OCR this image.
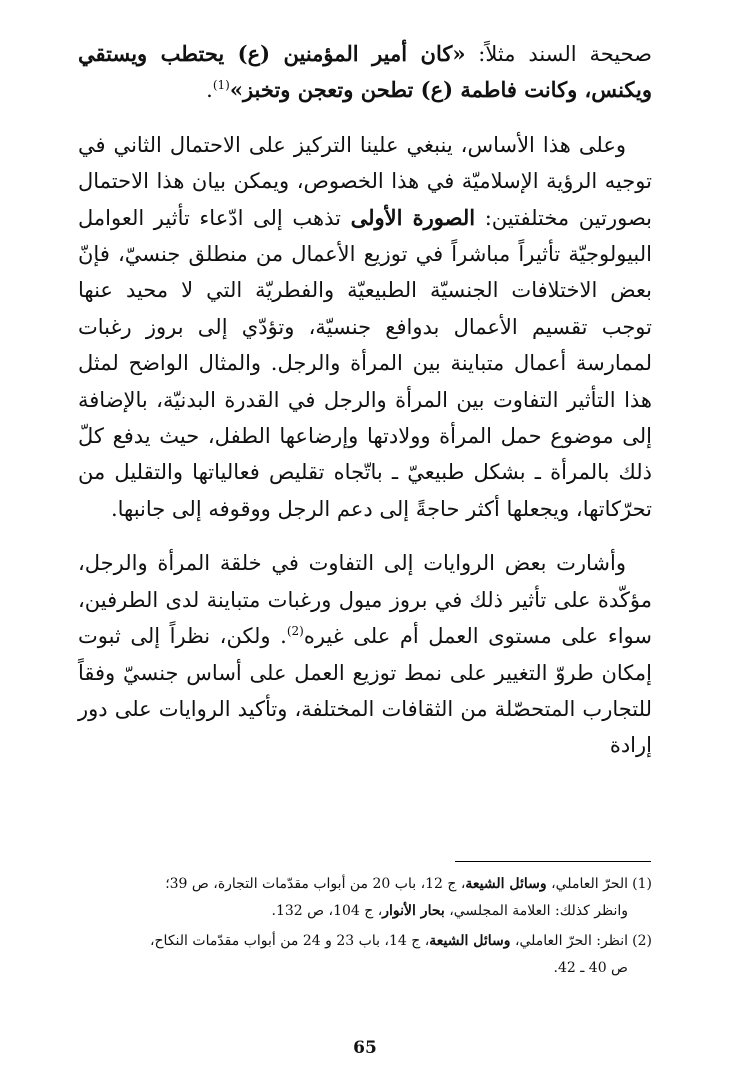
صحيحة السند مثلاً: «كان أمير المؤمنين (ع) يحتطب ويستقي ويكنس، وكانت فاطمة (ع) تطحن وتعجن وتخبز»$^{(1)}$.

وعلى هذا الأساس، ينبغي علينا التركيز على الاحتمال الثاني في توجيه الرؤية الإسلاميّة في هذا الخصوص، ويمكن بيان هذا الاحتمال بصورتين مختلفتين: الصورة الأولى تذهب إلى ادّعاء تأثير العوامل البيولوجيّة تأثيراً مباشراً في توزيع الأعمال من منطلق جنسيّ، فإنّ بعض الاختلافات الجنسيّة الطبيعيّة والفطريّة التي لا محيد عنها توجب تقسيم الأعمال بدوافع جنسيّة، وتؤدّي إلى بروز رغبات لممارسة أعمال متباينة بين المرأة والرجل. والمثال الواضح لمثل هذا التأثير التفاوت بين المرأة والرجل في القدرة البدنيّة، بالإضافة إلى موضوع حمل المرأة وولادتها وإرضاعها الطفل، حيث يدفع كلّ ذلك بالمرأة ـ بشكل طبيعيّ ـ باتّجاه تقليص فعالياتها والتقليل من تحرّكاتها، ويجعلها أكثر حاجةً إلى دعم الرجل ووقوفه إلى جانبها.

وأشارت بعض الروايات إلى التفاوت في خلقة المرأة والرجل، مؤكّدة على تأثير ذلك في بروز ميول ورغبات متباينة لدى الطرفين، سواء على مستوى العمل أم على غيره$^{(2)}$. ولكن، نظراً إلى ثبوت إمكان طروّ التغيير على نمط توزيع العمل على أساس جنسيّ وفقاً للتجارب المتحصّلة من الثقافات المختلفة، وتأكيد الروايات على دور إرادة

(1)الحرّ العاملي، وسائل الشيعة، ج 12، باب 20 من أبواب مقدّمات التجارة، ص 39؛
وانظر كذلك: العلامة المجلسي، بحار الأنوار، ج 104، ص 132.
(2)انظر: الحرّ العاملي، وسائل الشيعة، ج 14، باب 23 و 24 من أبواب مقدّمات النكاح،
ص 40 ـ 42.
65
